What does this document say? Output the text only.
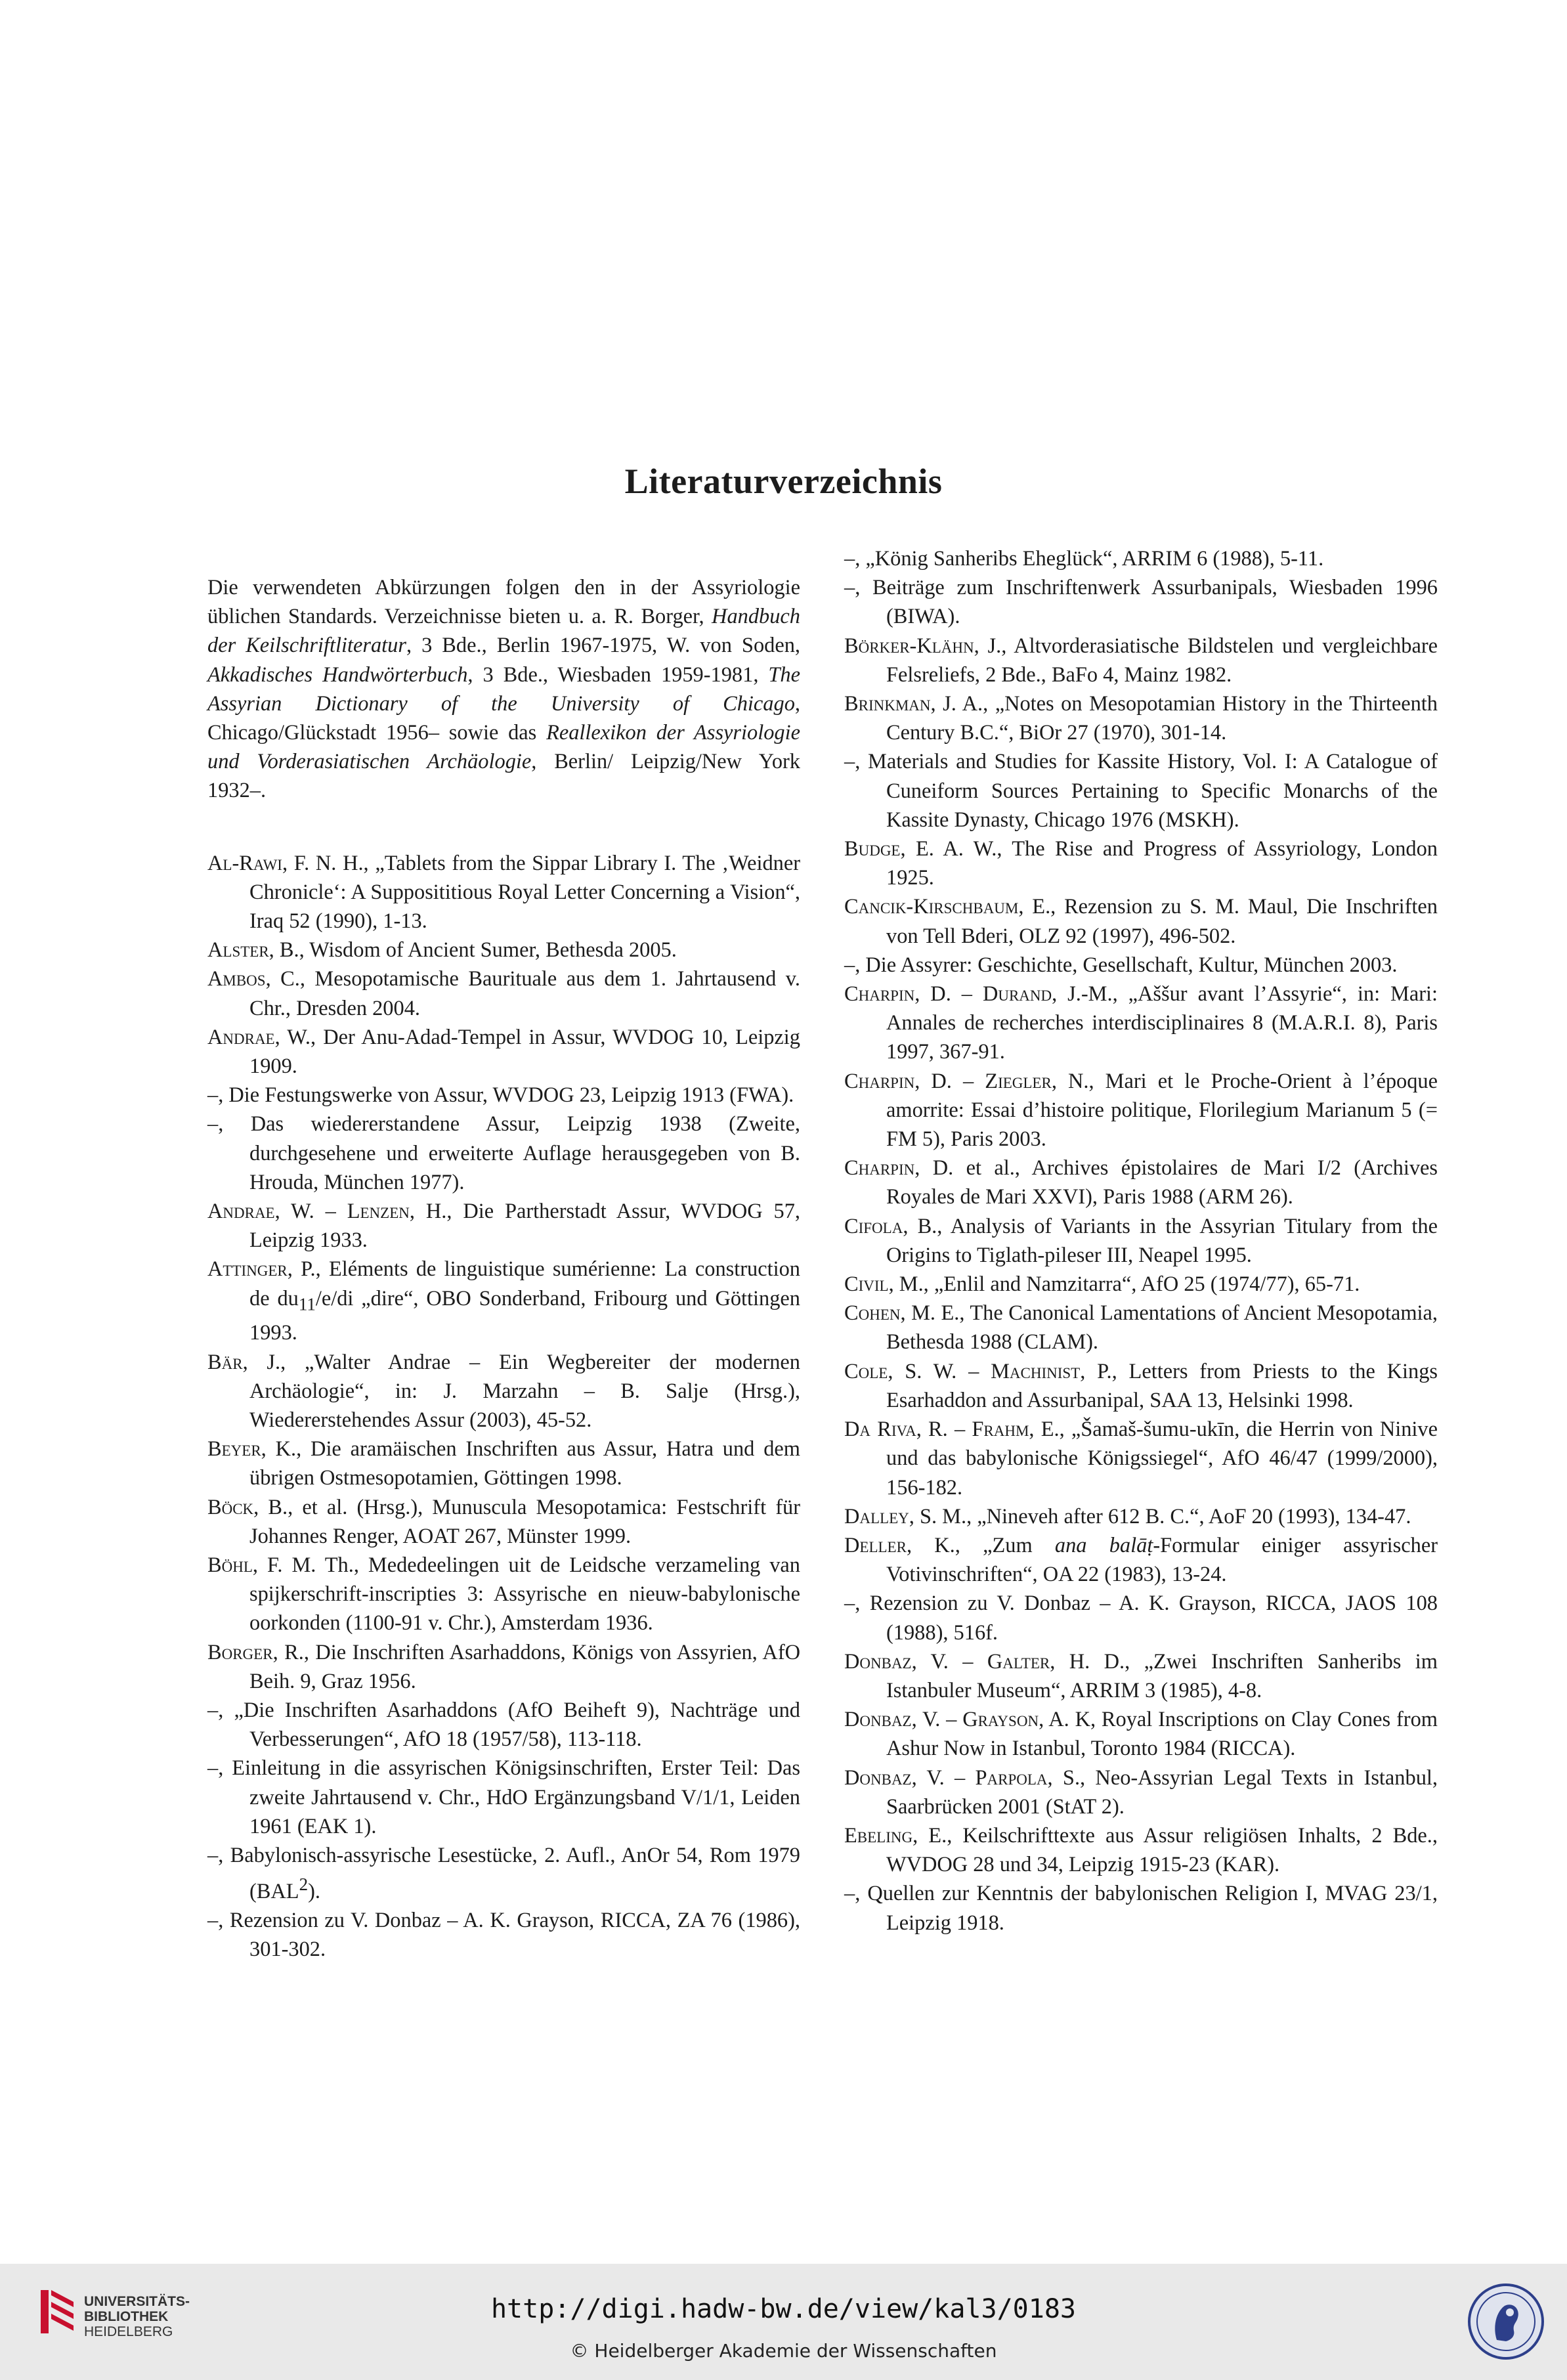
Literaturverzeichnis

Die verwendeten Abkürzungen folgen den in der Assyriologie üblichen Standards. Verzeichnisse bieten u. a. R. Borger, Handbuch der Keilschriftliteratur, 3 Bde., Berlin 1967-1975, W. von Soden, Akkadisches Handwörterbuch, 3 Bde., Wiesbaden 1959-1981, The Assyrian Dictionary of the University of Chicago, Chicago/Glückstadt 1956– sowie das Reallexikon der Assyriologie und Vorderasiatischen Archäologie, Berlin/ Leipzig/New York 1932–.

Al-Rawi, F. N. H., „Tablets from the Sippar Library I. The ‚Weidner Chronicle‘: A Supposititious Royal Letter Concerning a Vision“, Iraq 52 (1990), 1-13.

Alster, B., Wisdom of Ancient Sumer, Bethesda 2005.

Ambos, C., Mesopotamische Baurituale aus dem 1. Jahrtausend v. Chr., Dresden 2004.

Andrae, W., Der Anu-Adad-Tempel in Assur, WVDOG 10, Leipzig 1909.

–, Die Festungswerke von Assur, WVDOG 23, Leipzig 1913 (FWA).

–, Das wiedererstandene Assur, Leipzig 1938 (Zweite, durchgesehene und erweiterte Auflage herausgegeben von B. Hrouda, München 1977).

Andrae, W. – Lenzen, H., Die Partherstadt Assur, WVDOG 57, Leipzig 1933.

Attinger, P., Eléments de linguistique sumérienne: La construction de $du_{11}/e/di$ „dire“, OBO Sonderband, Fribourg und Göttingen 1993.

Bär, J., „Walter Andrae – Ein Wegbereiter der modernen Archäologie“, in: J. Marzahn – B. Salje (Hrsg.), Wiedererstehendes Assur (2003), 45-52.

Beyer, K., Die aramäischen Inschriften aus Assur, Hatra und dem übrigen Ostmesopotamien, Göttingen 1998.

Böck, B., et al. (Hrsg.), Munuscula Mesopotamica: Festschrift für Johannes Renger, AOAT 267, Münster 1999.

Böhl, F. M. Th., Mededeelingen uit de Leidsche verzameling van spijkerschrift-inscripties 3: Assyrische en nieuw-babylonische oorkonden (1100-91 v. Chr.), Amsterdam 1936.

Borger, R., Die Inschriften Asarhaddons, Königs von Assyrien, AfO Beih. 9, Graz 1956.

–, „Die Inschriften Asarhaddons (AfO Beiheft 9), Nachträge und Verbesserungen“, AfO 18 (1957/58), 113-118.

–, Einleitung in die assyrischen Königsinschriften, Erster Teil: Das zweite Jahrtausend v. Chr., HdO Ergänzungsband V/1/1, Leiden 1961 (EAK 1).

–, Babylonisch-assyrische Lesestücke, 2. Aufl., AnOr 54, Rom 1979 (BAL$^2$).

–, Rezension zu V. Donbaz – A. K. Grayson, RICCA, ZA 76 (1986), 301-302.

–, „König Sanheribs Eheglück“, ARRIM 6 (1988), 5-11.

–, Beiträge zum Inschriftenwerk Assurbanipals, Wiesbaden 1996 (BIWA).

Börker-Klähn, J., Altvorderasiatische Bildstelen und vergleichbare Felsreliefs, 2 Bde., BaFo 4, Mainz 1982.

Brinkman, J. A., „Notes on Mesopotamian History in the Thirteenth Century B.C.“, BiOr 27 (1970), 301-14.

–, Materials and Studies for Kassite History, Vol. I: A Catalogue of Cuneiform Sources Pertaining to Specific Monarchs of the Kassite Dynasty, Chicago 1976 (MSKH).

Budge, E. A. W., The Rise and Progress of Assyriology, London 1925.

Cancik-Kirschbaum, E., Rezension zu S. M. Maul, Die Inschriften von Tell Bderi, OLZ 92 (1997), 496-502.

–, Die Assyrer: Geschichte, Gesellschaft, Kultur, München 2003.

Charpin, D. – Durand, J.-M., „Aššur avant l’Assyrie“, in: Mari: Annales de recherches interdisciplinaires 8 (M.A.R.I. 8), Paris 1997, 367-91.

Charpin, D. – Ziegler, N., Mari et le Proche-Orient à l’époque amorrite: Essai d’histoire politique, Florilegium Marianum 5 (= FM 5), Paris 2003.

Charpin, D. et al., Archives épistolaires de Mari I/2 (Archives Royales de Mari XXVI), Paris 1988 (ARM 26).

Cifola, B., Analysis of Variants in the Assyrian Titulary from the Origins to Tiglath-pileser III, Neapel 1995.

Civil, M., „Enlil and Namzitarra“, AfO 25 (1974/77), 65-71.

Cohen, M. E., The Canonical Lamentations of Ancient Mesopotamia, Bethesda 1988 (CLAM).

Cole, S. W. – Machinist, P., Letters from Priests to the Kings Esarhaddon and Assurbanipal, SAA 13, Helsinki 1998.

Da Riva, R. – Frahm, E., „Šamaš-šumu-ukīn, die Herrin von Ninive und das babylonische Königssiegel“, AfO 46/47 (1999/2000), 156-182.

Dalley, S. M., „Nineveh after 612 B. C.“, AoF 20 (1993), 134-47.

Deller, K., „Zum ana balāṭ-Formular einiger assyrischer Votivinschriften“, OA 22 (1983), 13-24.

–, Rezension zu V. Donbaz – A. K. Grayson, RICCA, JAOS 108 (1988), 516f.

Donbaz, V. – Galter, H. D., „Zwei Inschriften Sanheribs im Istanbuler Museum“, ARRIM 3 (1985), 4-8.

Donbaz, V. – Grayson, A. K, Royal Inscriptions on Clay Cones from Ashur Now in Istanbul, Toronto 1984 (RICCA).

Donbaz, V. – Parpola, S., Neo-Assyrian Legal Texts in Istanbul, Saarbrücken 2001 (StAT 2).

Ebeling, E., Keilschrifttexte aus Assur religiösen Inhalts, 2 Bde., WVDOG 28 und 34, Leipzig 1915-23 (KAR).

–, Quellen zur Kenntnis der babylonischen Religion I, MVAG 23/1, Leipzig 1918.

UNIVERSITÄTS-
BIBLIOTHEK
HEIDELBERG
http://digi.hadw-bw.de/view/kal3/0183
© Heidelberger Akademie der Wissenschaften
